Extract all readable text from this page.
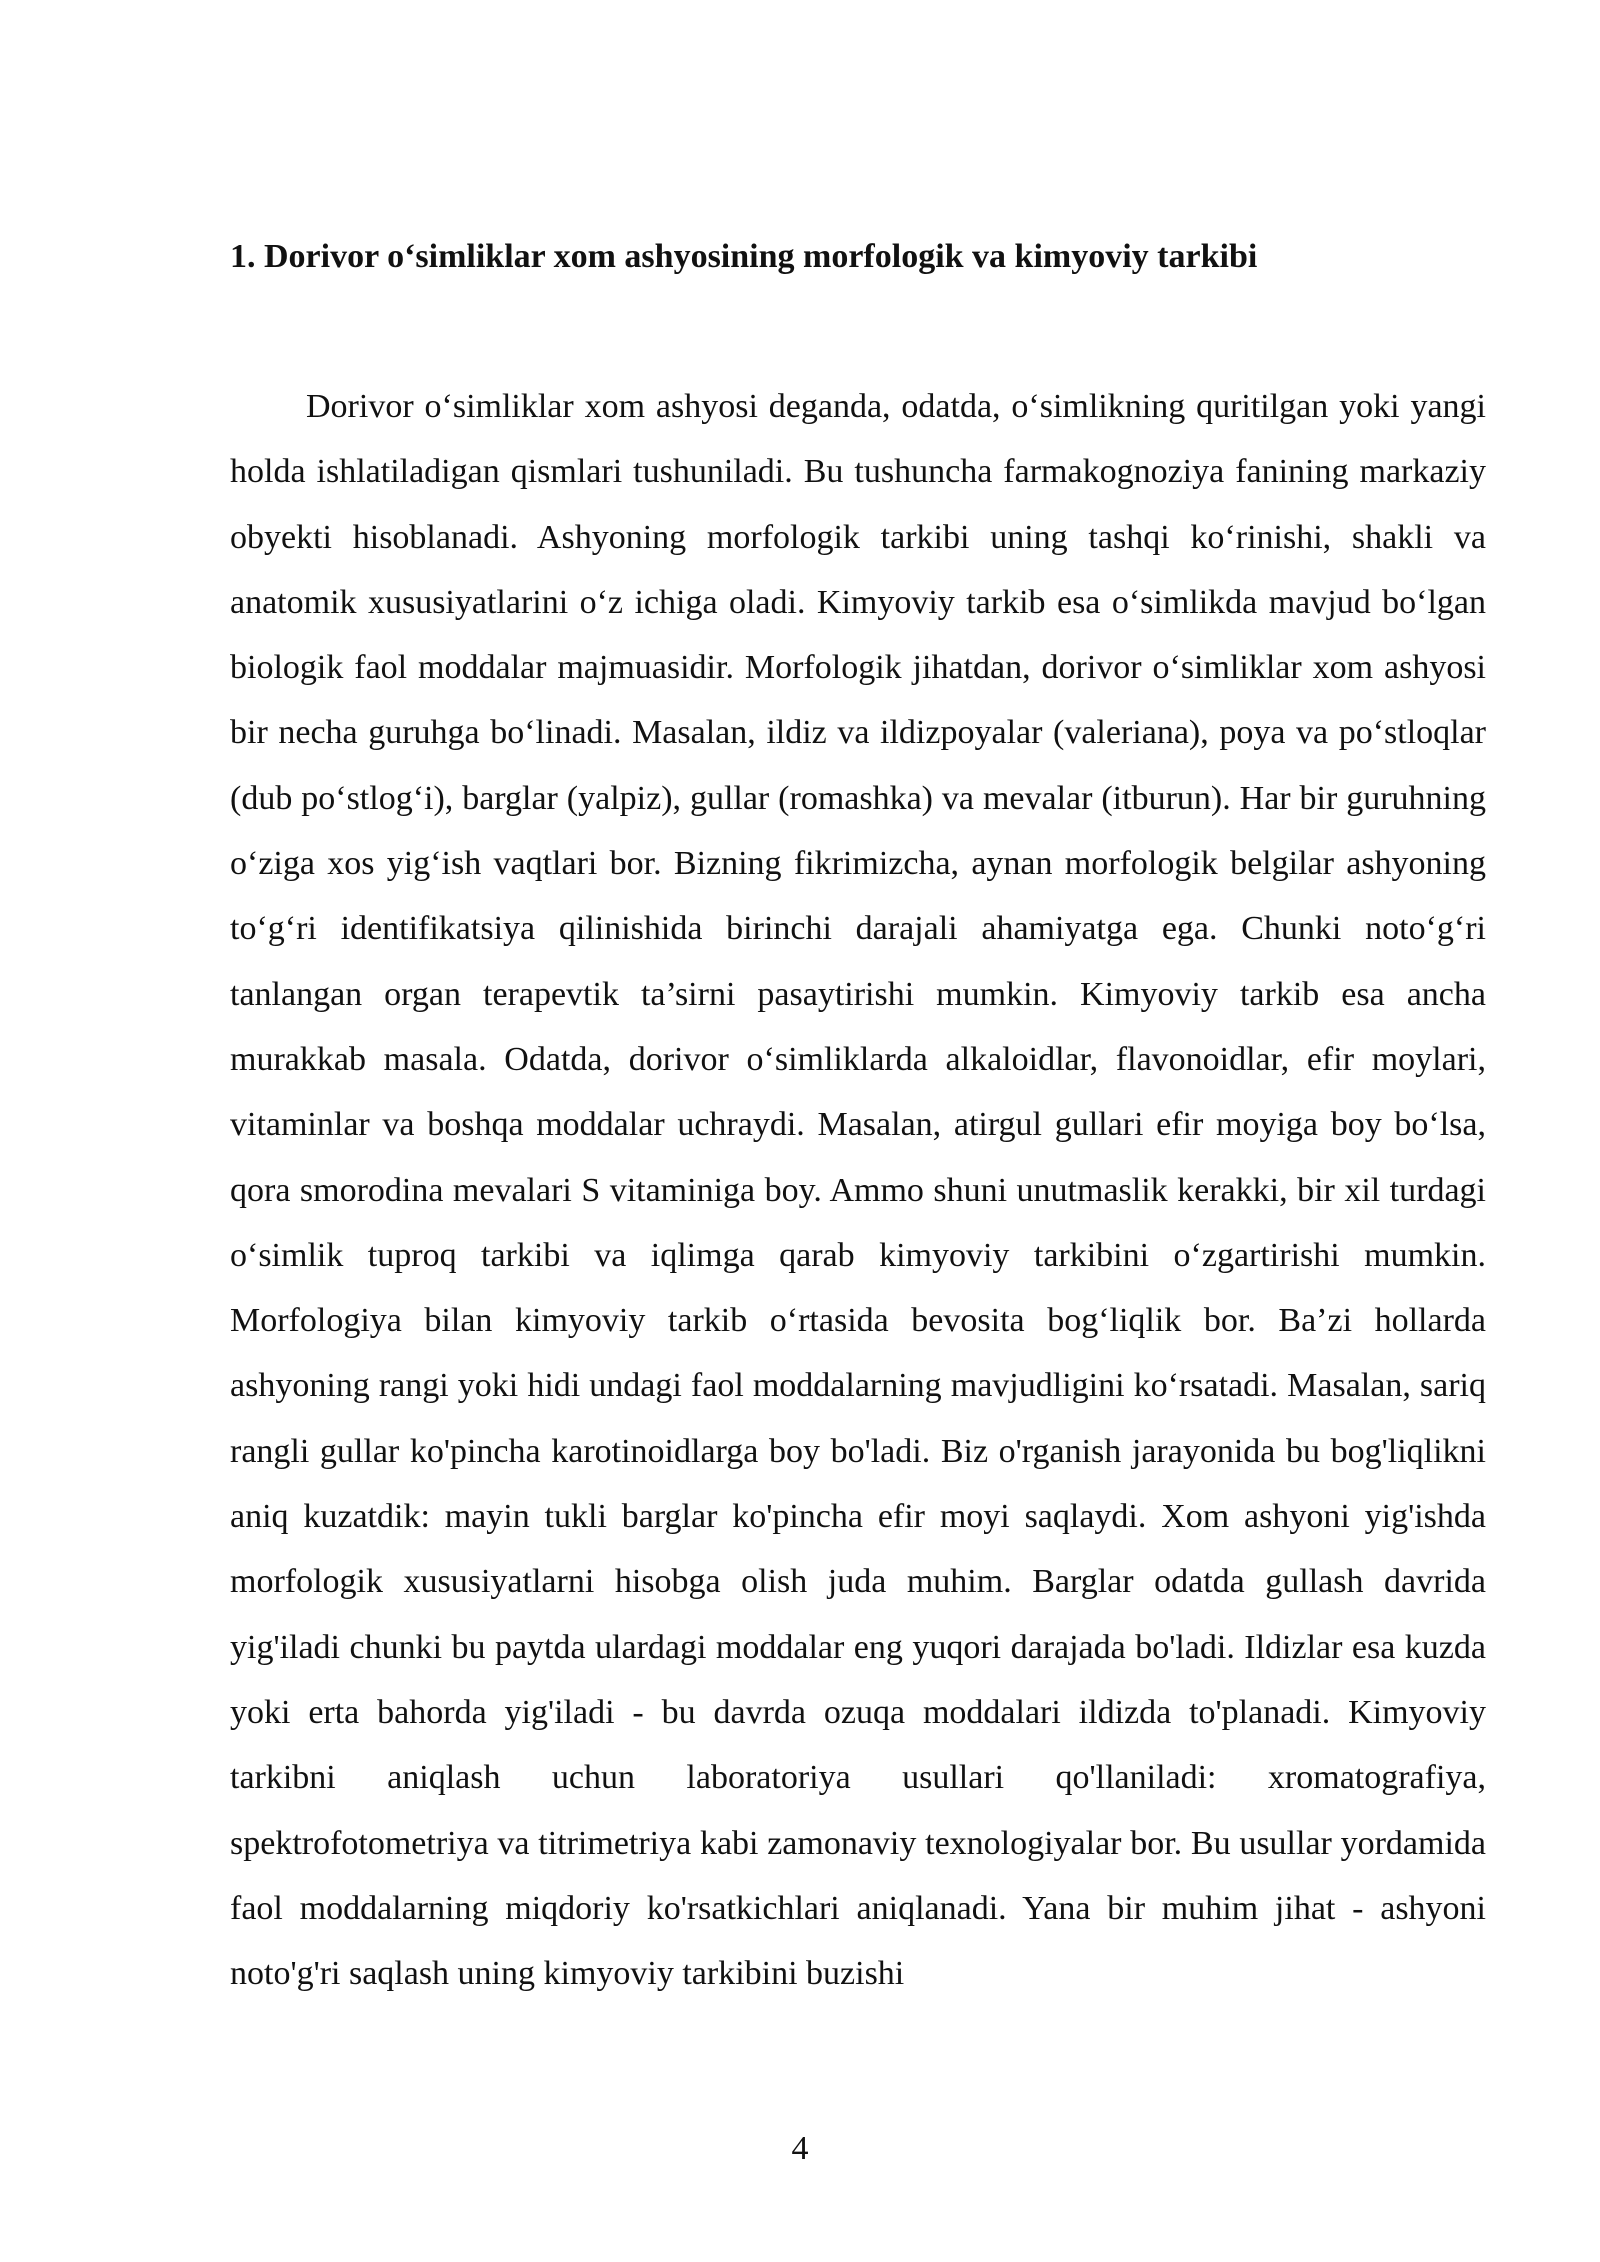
1. Dorivor o‘simliklar xom ashyosining morfologik va kimyoviy tarkibi

Dorivor o‘simliklar xom ashyosi deganda, odatda, o‘simlikning quritilgan yoki yangi holda ishlatiladigan qismlari tushuniladi. Bu tushuncha farmakognoziya fanining markaziy obyekti hisoblanadi. Ashyoning morfologik tarkibi uning tashqi ko‘rinishi, shakli va anatomik xususiyatlarini o‘z ichiga oladi. Kimyoviy tarkib esa o‘simlikda mavjud bo‘lgan biologik faol moddalar majmuasidir. Morfologik jihatdan, dorivor o‘simliklar xom ashyosi bir necha guruhga bo‘linadi. Masalan, ildiz va ildizpoyalar (valeriana), poya va po‘stloqlar (dub po‘stlog‘i), barglar (yalpiz), gullar (romashka) va mevalar (itburun). Har bir guruhning o‘ziga xos yig‘ish vaqtlari bor. Bizning fikrimizcha, aynan morfologik belgilar ashyoning to‘g‘ri identifikatsiya qilinishida birinchi darajali ahamiyatga ega. Chunki noto‘g‘ri tanlangan organ terapevtik ta’sirni pasaytirishi mumkin. Kimyoviy tarkib esa ancha murakkab masala. Odatda, dorivor o‘simliklarda alkaloidlar, flavonoidlar, efir moylari, vitaminlar va boshqa moddalar uchraydi. Masalan, atirgul gullari efir moyiga boy bo‘lsa, qora smorodina mevalari S vitaminiga boy. Ammo shuni unutmaslik kerakki, bir xil turdagi o‘simlik tuproq tarkibi va iqlimga qarab kimyoviy tarkibini o‘zgartirishi mumkin. Morfologiya bilan kimyoviy tarkib o‘rtasida bevosita bog‘liqlik bor. Ba’zi hollarda ashyoning rangi yoki hidi undagi faol moddalarning mavjudligini ko‘rsatadi. Masalan, sariq rangli gullar ko'pincha karotinoidlarga boy bo'ladi. Biz o'rganish jarayonida bu bog'liqlikni aniq kuzatdik: mayin tukli barglar ko'pincha efir moyi saqlaydi. Xom ashyoni yig'ishda morfologik xususiyatlarni hisobga olish juda muhim. Barglar odatda gullash davrida yig'iladi chunki bu paytda ulardagi moddalar eng yuqori darajada bo'ladi. Ildizlar esa kuzda yoki erta bahorda yig'iladi - bu davrda ozuqa moddalari ildizda to'planadi. Kimyoviy tarkibni aniqlash uchun laboratoriya usullari qo'llaniladi: xromatografiya, spektrofotometriya va titrimetriya kabi zamonaviy texnologiyalar bor. Bu usullar yordamida faol moddalarning miqdoriy ko'rsatkichlari aniqlanadi. Yana bir muhim jihat - ashyoni noto'g'ri saqlash uning kimyoviy tarkibini buzishi

4
